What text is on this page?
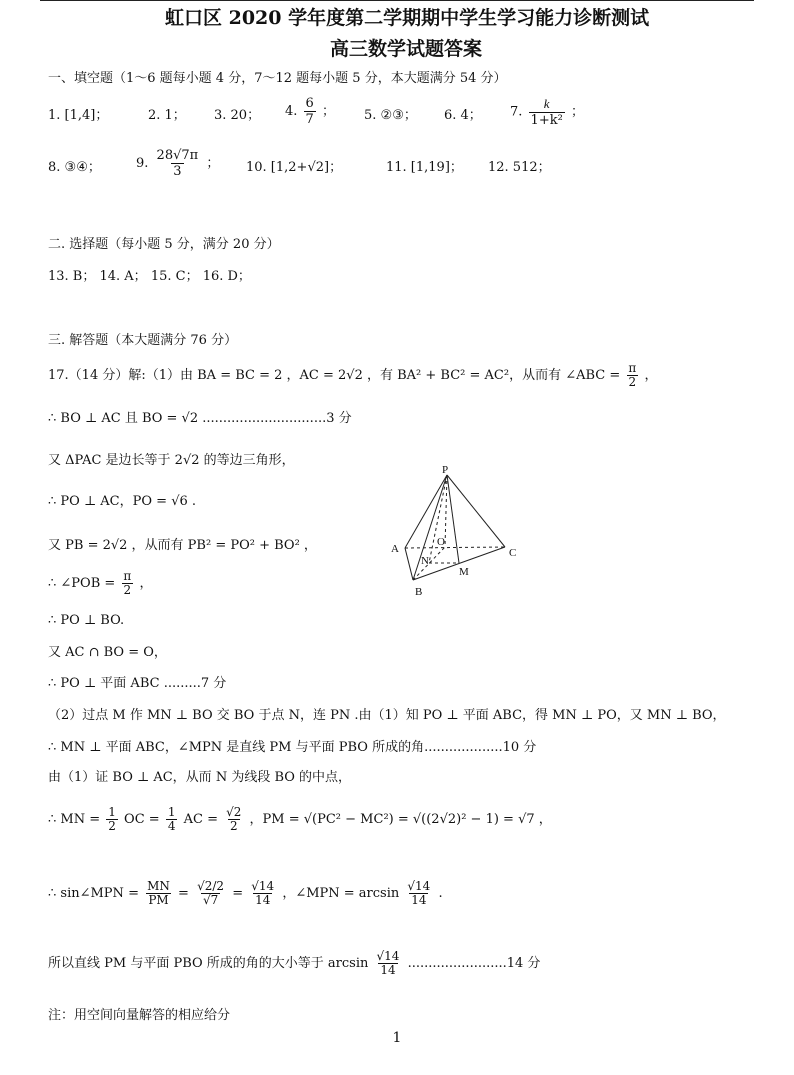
虹口区 2020 学年度第二学期期中学生学习能力诊断测试
高三数学试题答案
一、填空题（1～6 题每小题 4 分，7～12 题每小题 5 分，本大题满分 54 分）
1. [1,4]；	2. 1； 3. 20； 4. $\frac{6}{7}$ ； 5. ②③； 6. 4； 7. $\frac{k}{\text{1+k²}}$ ；
8. ③④；	9. $\frac{28√7\pi}{3}$ ； 10. [1,2+√2]；	11. [1,19]； 12. 512；
二. 选择题（每小题 5 分，满分 20 分）
13. B； 14. A； 15. C； 16. D；
三. 解答题（本大题满分 76 分）
17.（14 分）解:（1）由 BA = BC = 2 ，AC = 2√2 ，有 BA² + BC² = AC²，从而有 ∠ABC = $\frac{\pi}{2}$ ，
∴ BO ⊥ AC 且 BO = √2 ..............................3 分
又 ΔPAC 是边长等于 2√2 的等边三角形，
∴ PO ⊥ AC，PO = √6 .
又 PB = 2√2 ，从而有 PB² = PO² + BO² ，
∴ ∠POB = $\frac{\pi}{2}$ ，
∴ PO ⊥ BO.
又 AC ∩ BO = O，
∴ PO ⊥ 平面 ABC .........7 分
（2）过点 M 作 MN ⊥ BO 交 BO 于点 N，连 PN .由（1）知 PO ⊥ 平面 ABC，得 MN ⊥ PO，又 MN ⊥ BO，
∴ MN ⊥ 平面 ABC，∠MPN 是直线 PM 与平面 PBO 所成的角...................10 分
由（1）证 BO ⊥ AC，从而 N 为线段 BO 的中点，
∴ MN = $\frac{1}{2}$ OC = $\frac{1}{4}$ AC = $\frac{√2}{2}$ ，PM = √(PC² − MC²) = √((2√2)² − 1) = √7 ，
∴ sin∠MPN = $\frac{MN}{PM} = \frac{√2/2}{√7} = \frac{√14}{14}$ ，∠MPN = $\arcsin \frac{√14}{14}$ .
所以直线 PM 与平面 PBO 所成的角的大小等于 $\arcsin \frac{√14}{14} ........................14$ 分
注：用空间向量解答的相应给分
P
A
O
N
M
C
B
1
